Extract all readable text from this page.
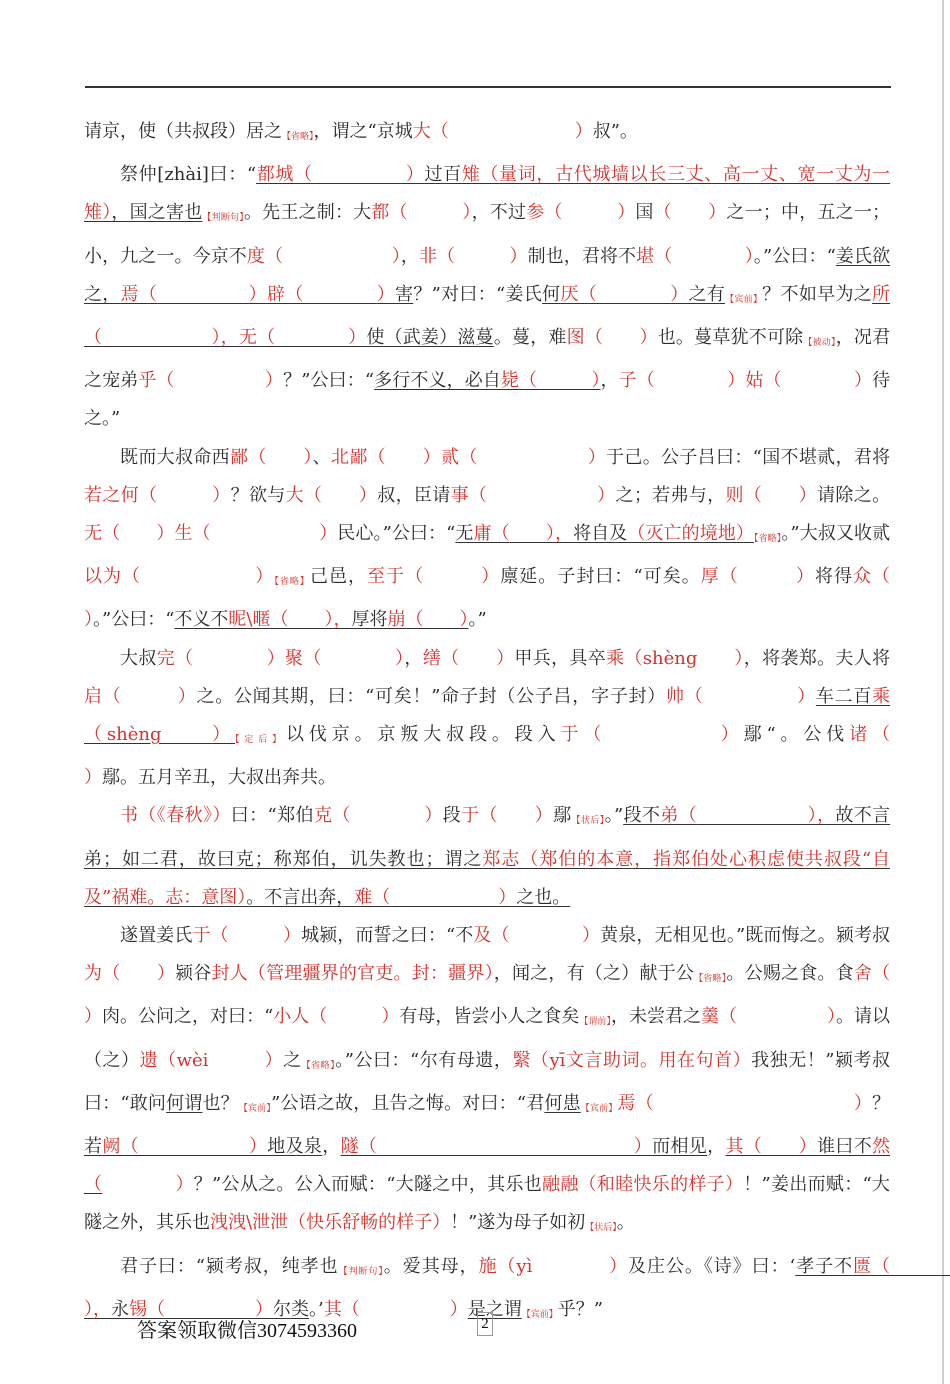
请京，使（共叔段）居之【省略】，谓之“京城大（　　　　　　　	）叔”。

祭仲[zhài]曰：“都城（　　　　　	）过百雉（量词，古代城墙以长三丈、高一丈、宽一丈为一雉），国之害也【判断句】。先王之制：大都（　　　	），不过参（　　　	）国（　　 ）之一；中，五之一；小，九之一。今京不度（　　　　　　	），非（　　　	）制也，君将不堪（　　　　	）。”公曰：“姜氏欲之，焉（　　　　　	）辟（　　　　	）害？”对曰：“姜氏何厌（　　　　	）之有【宾前】？不如早为之所（　　　　　　	），无（　　　　	）使（武姜）滋蔓。蔓，难图（　　 ）也。蔓草犹不可除【被动】，况君之宠弟乎（　　　　　	）？”公曰：“多行不义，必自毙（　　　	），子（　　　　	）姑（　　　　	）待之。”

既而大叔命西鄙（　　 ）、北鄙（　　 ）贰（　　　　　　	）于己。公子吕曰：“国不堪贰，君将若之何（　　　	）？欲与大（　　 ）叔，臣请事（　　　　　　	）之；若弗与，则（　　 ）请除之。无（　　 ）生（　　　　　　	）民心。”公曰：“无庸（　　 ），将自及（灭亡的境地）【省略】。”大叔又收贰以为（　　　　　　	）【省略】己邑，至于（　　　	）廪延。子封曰：“可矣。厚（　　　	）将得众（　　　　　）。”公曰：“不义不昵\暱（　　 ），厚将崩（　　 ）。”

大叔完（　　　　	）聚（　　　　	），缮（　　 ）甲兵，具卒乘（shèng　　 ），将袭郑。夫人将启（　　　	）之。公闻其期，曰：“可矣！”命子封（公子吕，字子封）帅（　　　　　	）车二百乘（shèng　　	）【定后】以伐京。京叛大叔段。段入于（　　　　　	）鄢“。公伐诸（　　　　　　　　　　　）鄢。五月辛丑，大叔出奔共。

书（《春秋》）曰：“郑伯克（　　　　	）段于（　　 ）鄢【状后】。”段不弟（　　　　　　	），故不言弟；如二君，故曰克；称郑伯，讥失教也；谓之郑志（郑伯的本意，指郑伯处心积虑使共叔段“自及”祸难。志：意图）。不言出奔，难（　　　　　　	）之也。

遂置姜氏于（　　　	）城颍，而誓之曰：“不及（　　　　	）黄泉，无相见也。”既而悔之。颍考叔为（　　 ）颍谷封人（管理疆界的官吏。封：疆界），闻之，有（之）献于公【省略】。公赐之食。食舍（　　　）肉。公问之，对曰：“小人（　　　	）有母，皆尝小人之食矣【谓前】，未尝君之羹（　　　　　	）。请以（之）遗（wèi　　　	）之【省略】。”公曰：“尔有母遗，繄（yī文言助词。用在句首）我独无！”颍考叔曰：“敢问何谓也？【宾前】”公语之故，且告之悔。对曰：“君何患【宾前】焉（　　　　　　　　　　　	）？若阙（　　　　　　	）地及泉，隧（　　　　　　　　　　　　　　	）而相见，其（　　 ）谁曰不然（　　　　	）？”公从之。公入而赋：“大隧之中，其乐也融融（和睦快乐的样子）！”姜出而赋：“大隧之外，其乐也洩洩\泄泄（快乐舒畅的样子）！”遂为母子如初【状后】。

君子曰：“颍考叔，纯孝也【判断句】。爱其母，施（yì　　　　	）及庄公。《诗》曰：‘孝子不匮（　　　　），永锡（　　　　　	）尔类。’其（　　　　　	）是之谓【宾前】乎？”

答案领取微信3074593360	2
